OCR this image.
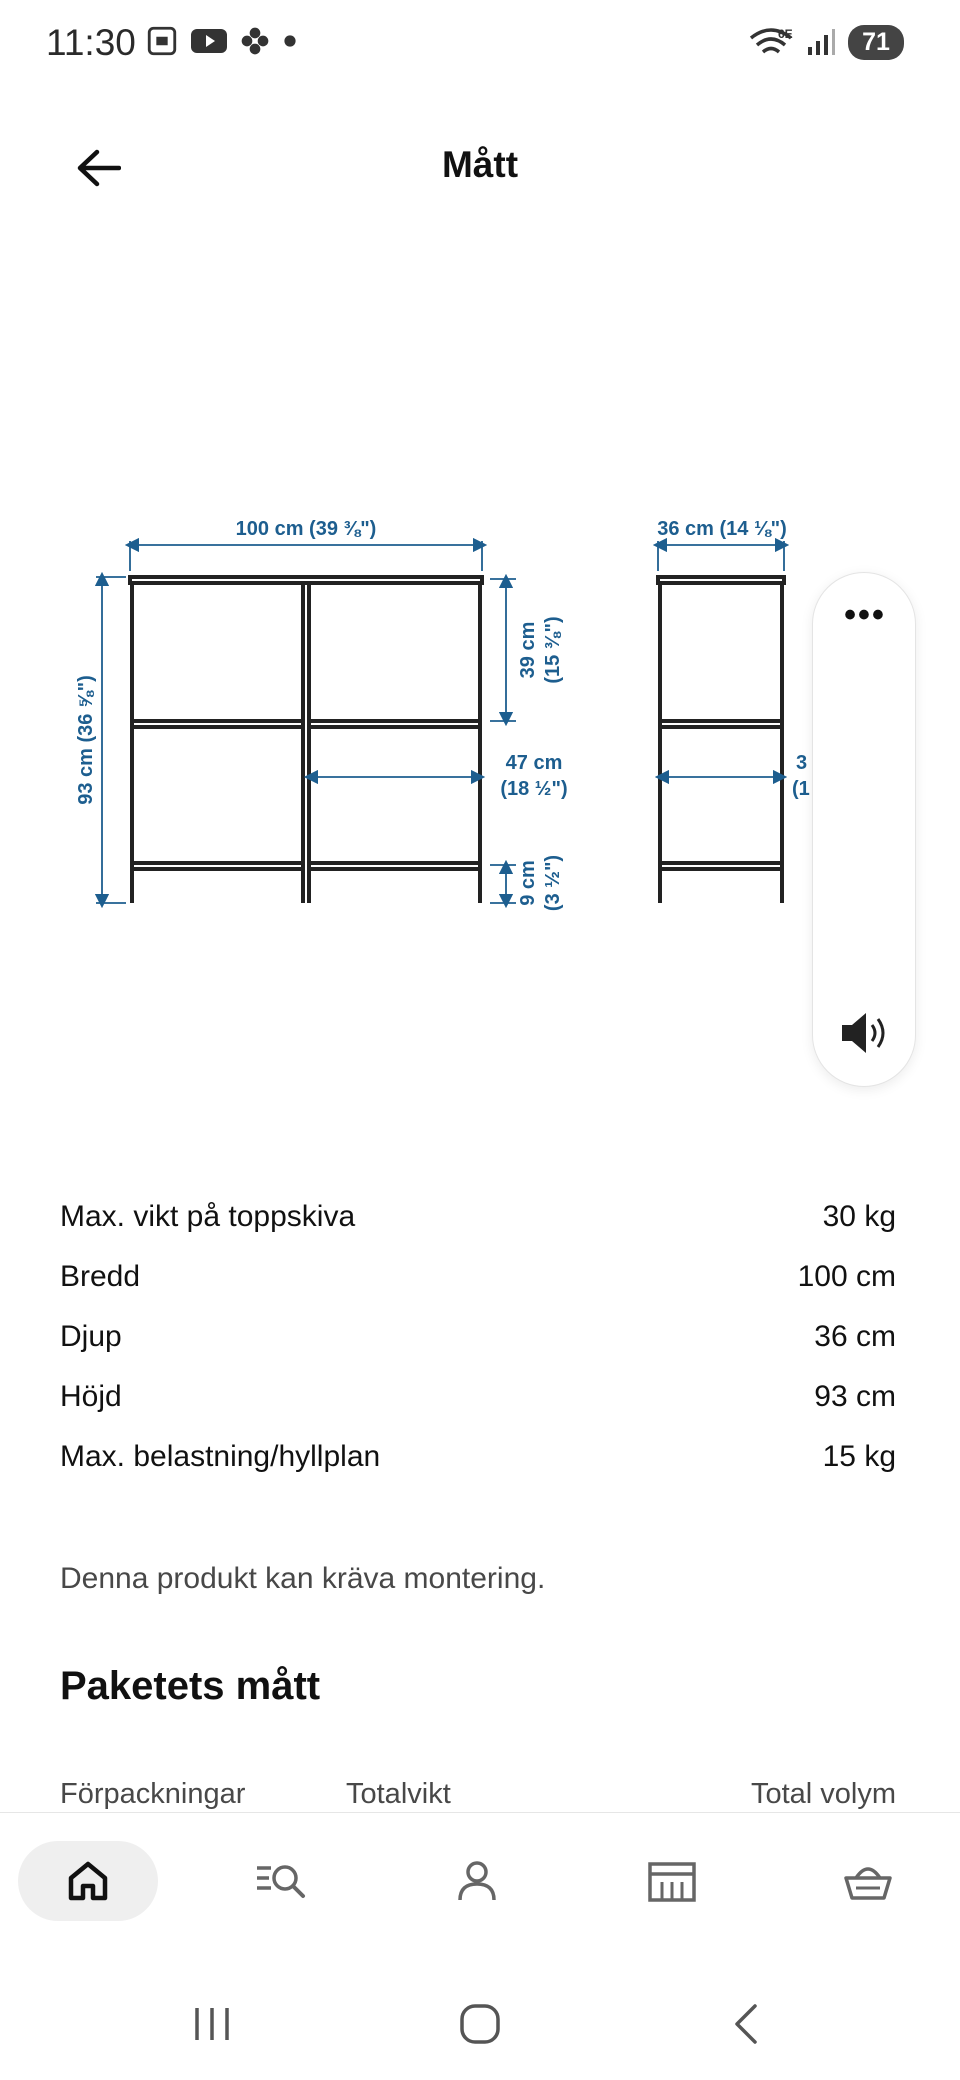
11:30	6E	71
Mått
100 cm (39 ⅜")
93 cm (36 ⅝")
39 cm (15 ⅜")
47 cm
(18 ½")
9 cm (3 ½")
36 cm (14 ⅛")
3
(1
•••
Max. vikt på toppskiva	30 kg
Bredd	100 cm
Djup	36 cm
Höjd	93 cm
Max. belastning/hyllplan	15 kg
Denna produkt kan kräva montering.
Paketets mått
Förpackningar	Totalvikt	Total volym
